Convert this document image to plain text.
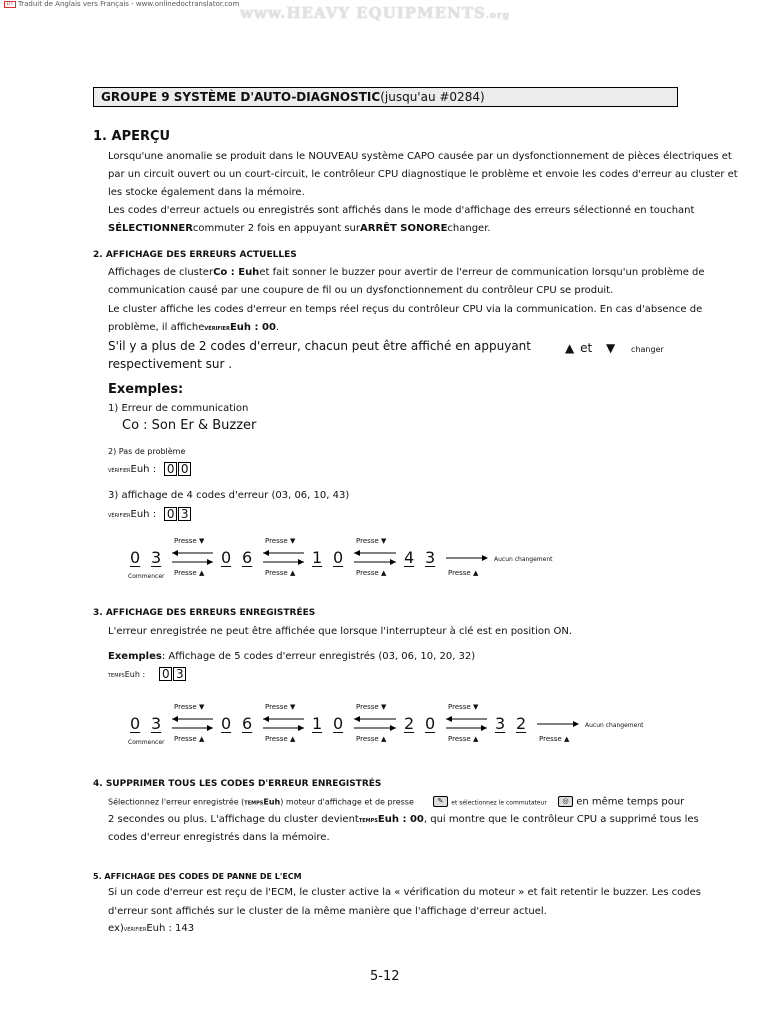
DT Traduit de Anglais vers Français - www.onlinedoctranslator.com www.HEAVY EQUIPMENTS.org
GROUPE 9 SYSTÈME D'AUTO-DIAGNOSTIC(jusqu'au #0284)
1. APERÇU
Lorsqu'une anomalie se produit dans le NOUVEAU système CAPO causée par un dysfonctionnement de pièces électriques et
par un circuit ouvert ou un court-circuit, le contrôleur CPU diagnostique le problème et envoie les codes d'erreur au cluster et
les stocke également dans la mémoire.
Les codes d'erreur actuels ou enregistrés sont affichés dans le mode d'affichage des erreurs sélectionné en touchant
SÉLECTIONNERcommuter 2 fois en appuyant surARRÊT SONOREchanger.
2. AFFICHAGE DES ERREURS ACTUELLES
Affichages de clusterCo : Euhet fait sonner le buzzer pour avertir de l'erreur de communication lorsqu'un problème de
communication causé par une coupure de fil ou un dysfonctionnement du contrôleur CPU se produit.
Le cluster affiche les codes d'erreur en temps réel reçus du contrôleur CPU via la communication. En cas d'absence de
problème, il affichevérifierEuh : 00.
S'il y a plus de 2 codes d'erreur, chacun peut être affiché en appuyant	▲ et ▼ changer
respectivement sur .
Exemples:
1) Erreur de communication
Co : Son Er & Buzzer
2) Pas de problème
vérifierEuh : 0 0
3) affichage de 4 codes d'erreur (03, 06, 10, 43)
vérifierEuh : 0 3
0 3	0 6	1 0	4 3
Commencer
Presse ▼
Presse ▲
Presse ▼
Presse ▲
Presse ▼
Presse ▲	Presse ▲
Aucun changement
3. AFFICHAGE DES ERREURS ENREGISTRÉES
L'erreur enregistrée ne peut être affichée que lorsque l'interrupteur à clé est en position ON.
Exemples: Affichage de 5 codes d'erreur enregistrés (03, 06, 10, 20, 32)
tempsEuh : 0 3
0 3	0 6	1 0	2 0	3 2
Commencer
Presse ▼
Presse ▲
Presse ▼
Presse ▲
Presse ▼
Presse ▲
Presse ▼
Presse ▲	Presse ▲
Aucun changement
4. SUPPRIMER TOUS LES CODES D'ERREUR ENREGISTRÉS
Sélectionnez l'erreur enregistrée (tempsEuh) moteur d'affichage et de presse	✎ et sélectionnez le commutateur ◎ en même temps pour
2 secondes ou plus. L'affichage du cluster devienttempsEuh : 00, qui montre que le contrôleur CPU a supprimé tous les
codes d'erreur enregistrés dans la mémoire.
5. AFFICHAGE DES CODES DE PANNE DE L'ECM
Si un code d'erreur est reçu de l'ECM, le cluster active la « vérification du moteur » et fait retentir le buzzer. Les codes
d'erreur sont affichés sur le cluster de la même manière que l'affichage d'erreur actuel.
ex)vérifierEuh : 143
5-12
